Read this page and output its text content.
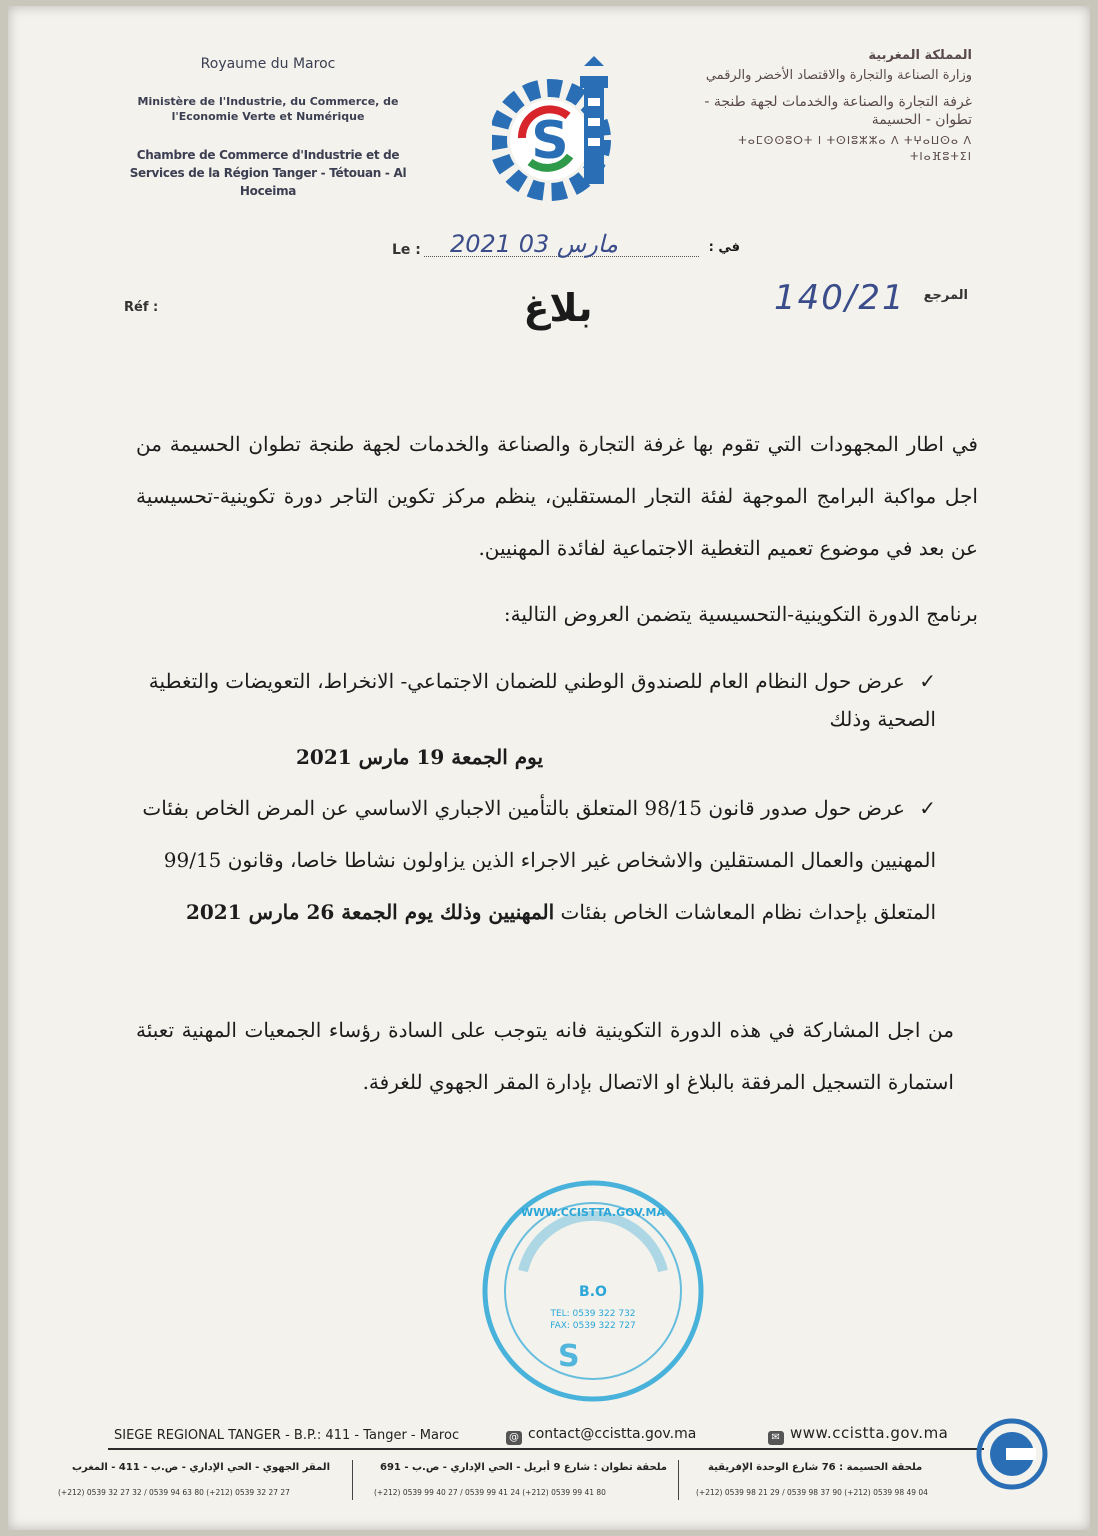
Royaume du Maroc
Ministère de l'Industrie, du Commerce, de l'Economie Verte et Numérique
Chambre de Commerce d'Industrie et de Services de la Région Tanger - Tétouan - Al Hoceima
S
المملكة المغربية
وزارة الصناعة والتجارة والاقتصاد الأخضر والرقمي
غرفة التجارة والصناعة والخدمات لجهة طنجة - تطوان - الحسيمة
ⵜⴰⵎⵙⵙⵓⵔⵜ ⵏ ⵜⵙⵏⵓⵣⵣⴰ ⴷ ⵜⵖⴰⵡⵙⴰ ⴷ ⵜⵏⴰⴼⵓⵜⵉⵏ
Le : 2021 مارس 03	في :
Réf :	140/21 المرجع
بلاغ
في اطار المجهودات التي تقوم بها غرفة التجارة والصناعة والخدمات لجهة طنجة تطوان الحسيمة من اجل مواكبة البرامج الموجهة لفئة التجار المستقلين، ينظم مركز تكوين التاجر دورة تكوينية-تحسيسية عن بعد في موضوع تعميم التغطية الاجتماعية لفائدة المهنيين.
برنامج الدورة التكوينية-التحسيسية يتضمن العروض التالية:
✓ عرض حول النظام العام للصندوق الوطني للضمان الاجتماعي- الانخراط، التعويضات والتغطية الصحية وذلك
يوم الجمعة 19 مارس 2021
✓ عرض حول صدور قانون 98/15 المتعلق بالتأمين الاجباري الاساسي عن المرض الخاص بفئات المهنيين والعمال المستقلين والاشخاص غير الاجراء الذين يزاولون نشاطا خاصا، وقانون 99/15 المتعلق بإحداث نظام المعاشات الخاص بفئات المهنيين وذلك يوم الجمعة 26 مارس 2021
من اجل المشاركة في هذه الدورة التكوينية فانه يتوجب على السادة رؤساء الجمعيات المهنية تعبئة استمارة التسجيل المرفقة بالبلاغ او الاتصال بإدارة المقر الجهوي للغرفة.
B.O
TEL: 0539 322 732
FAX: 0539 322 727
WWW.CCISTTA.GOV.MA
S
SIEGE REGIONAL TANGER - B.P.: 411 - Tanger - Maroc	@ contact@ccistta.gov.ma	✉ www.ccistta.gov.ma
المقر الجهوي - الحي الإداري - ص.ب - 411 - المغرب	ملحقة تطوان : شارع 9 أبريل - الحي الإداري - ص.ب - 691	ملحقة الحسيمة : 76 شارع الوحدة الإفريقية
(+212) 0539 32 27 32 / 0539 94 63 80 (+212) 0539 32 27 27	(+212) 0539 99 40 27 / 0539 99 41 24 (+212) 0539 99 41 80	(+212) 0539 98 21 29 / 0539 98 37 90 (+212) 0539 98 49 04
